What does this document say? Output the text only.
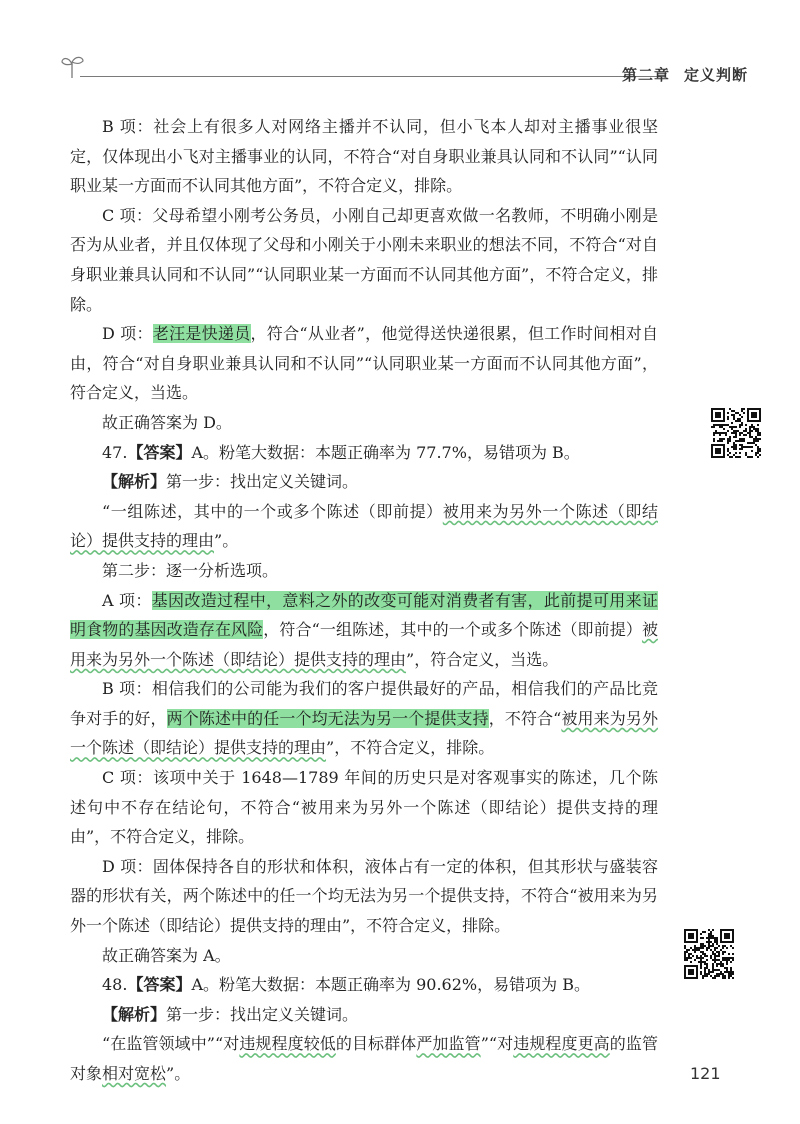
第二章 定义判断

B 项：社会上有很多人对网络主播并不认同，但小飞本人却对主播事业很坚定，仅体现出小飞对主播事业的认同，不符合“对自身职业兼具认同和不认同”“认同职业某一方面而不认同其他方面”，不符合定义，排除。

C 项：父母希望小刚考公务员，小刚自己却更喜欢做一名教师，不明确小刚是否为从业者，并且仅体现了父母和小刚关于小刚未来职业的想法不同，不符合“对自身职业兼具认同和不认同”“认同职业某一方面而不认同其他方面”，不符合定义，排除。

D 项：老汪是快递员，符合“从业者”，他觉得送快递很累，但工作时间相对自由，符合“对自身职业兼具认同和不认同”“认同职业某一方面而不认同其他方面”，符合定义，当选。

故正确答案为 D。

47.【答案】A。粉笔大数据：本题正确率为 77.7%，易错项为 B。

【解析】第一步：找出定义关键词。

“一组陈述，其中的一个或多个陈述（即前提）被用来为另外一个陈述（即结论）提供支持的理由”。

第二步：逐一分析选项。

A 项：基因改造过程中，意料之外的改变可能对消费者有害，此前提可用来证明食物的基因改造存在风险，符合“一组陈述，其中的一个或多个陈述（即前提）被用来为另外一个陈述（即结论）提供支持的理由”，符合定义，当选。

B 项：相信我们的公司能为我们的客户提供最好的产品，相信我们的产品比竞争对手的好，两个陈述中的任一个均无法为另一个提供支持，不符合“被用来为另外一个陈述（即结论）提供支持的理由”，不符合定义，排除。

C 项：该项中关于 1648—1789 年间的历史只是对客观事实的陈述，几个陈述句中不存在结论句，不符合“被用来为另外一个陈述（即结论）提供支持的理由”，不符合定义，排除。

D 项：固体保持各自的形状和体积，液体占有一定的体积，但其形状与盛装容器的形状有关，两个陈述中的任一个均无法为另一个提供支持，不符合“被用来为另外一个陈述（即结论）提供支持的理由”，不符合定义，排除。

故正确答案为 A。

48.【答案】A。粉笔大数据：本题正确率为 90.62%，易错项为 B。

【解析】第一步：找出定义关键词。

“在监管领域中”“对违规程度较低的目标群体严加监管”“对违规程度更高的监管对象相对宽松”。	121
